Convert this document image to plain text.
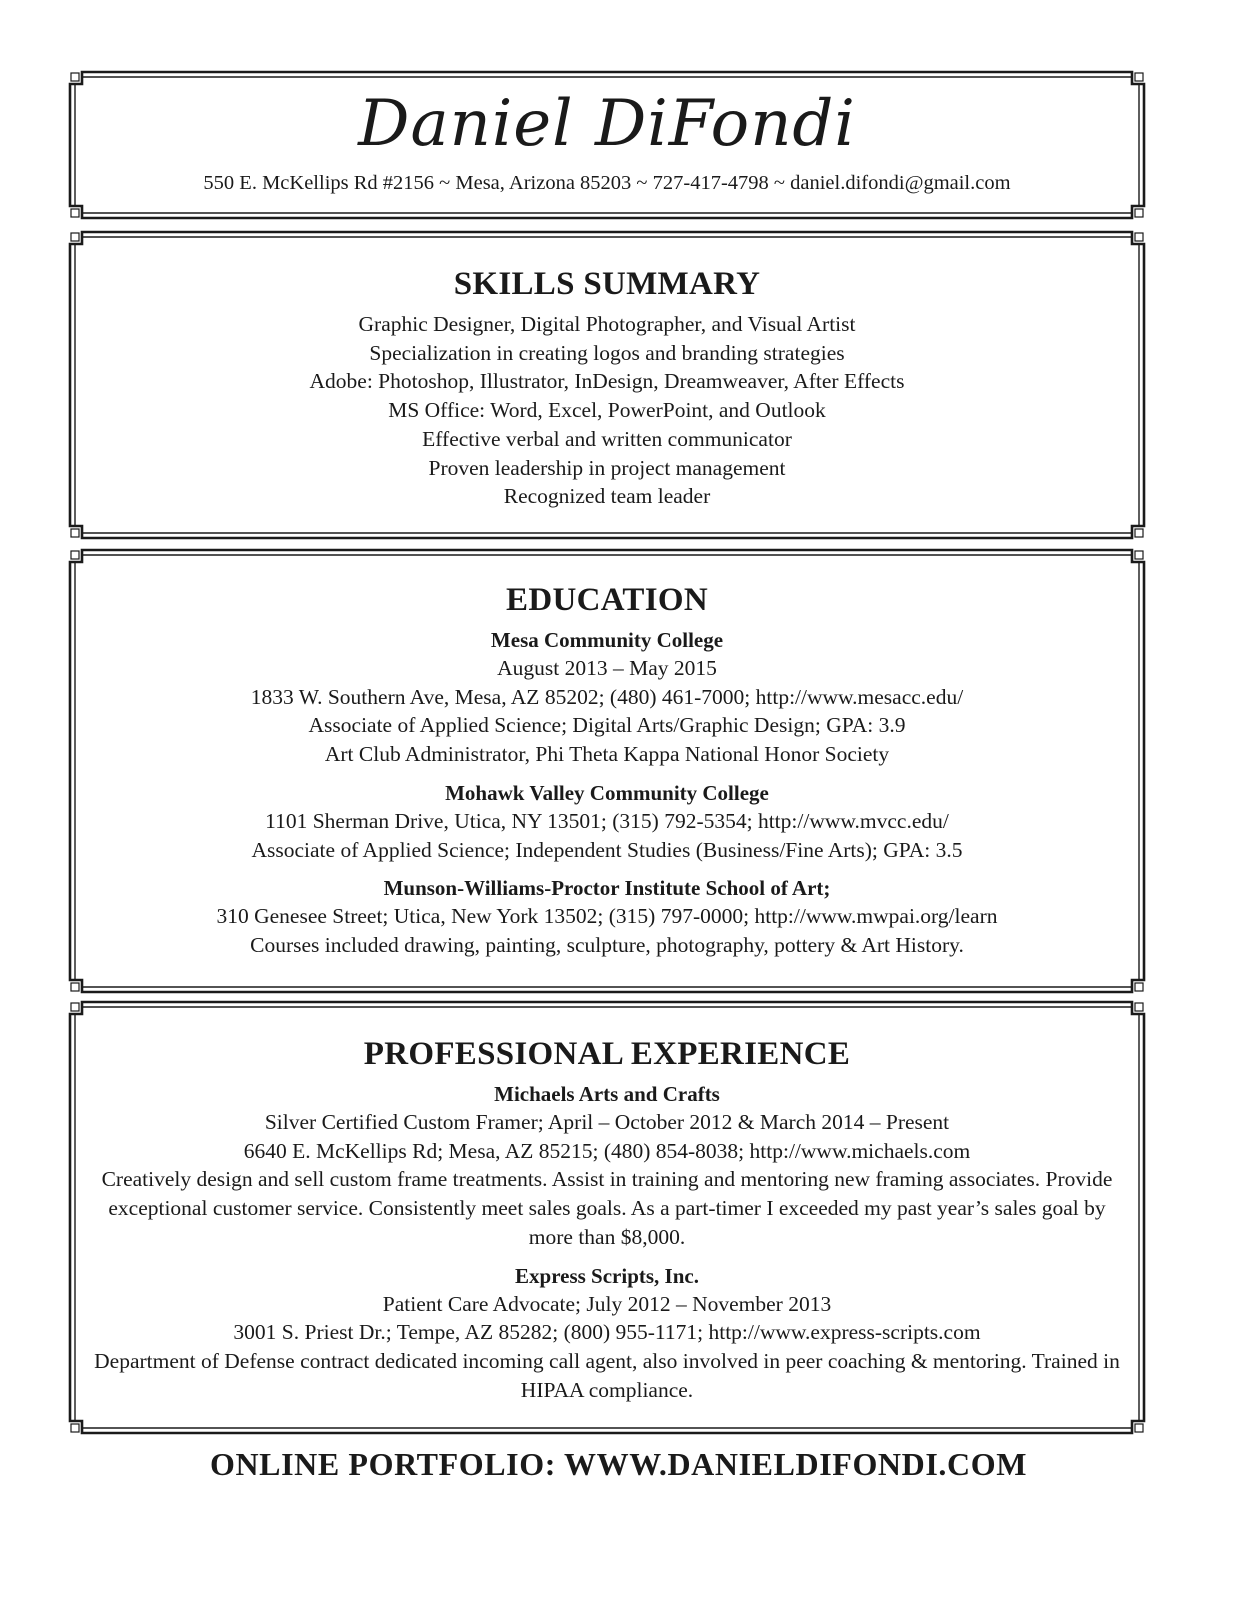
Daniel DiFondi
550 E. McKellips Rd #2156 ~ Mesa, Arizona 85203 ~ 727-417-4798 ~ daniel.difondi@gmail.com
SKILLS SUMMARY
Graphic Designer, Digital Photographer, and Visual Artist
Specialization in creating logos and branding strategies
Adobe: Photoshop, Illustrator, InDesign, Dreamweaver, After Effects
MS Office: Word, Excel, PowerPoint, and Outlook
Effective verbal and written communicator
Proven leadership in project management
Recognized team leader
EDUCATION
Mesa Community College
August 2013 – May 2015
1833 W. Southern Ave, Mesa, AZ 85202; (480) 461-7000; http://www.mesacc.edu/
Associate of Applied Science; Digital Arts/Graphic Design; GPA: 3.9
Art Club Administrator, Phi Theta Kappa National Honor Society
Mohawk Valley Community College
1101 Sherman Drive, Utica, NY 13501; (315) 792-5354; http://www.mvcc.edu/
Associate of Applied Science; Independent Studies (Business/Fine Arts); GPA: 3.5
Munson-Williams-Proctor Institute School of Art;
310 Genesee Street; Utica, New York 13502; (315) 797-0000; http://www.mwpai.org/learn
Courses included drawing, painting, sculpture, photography, pottery & Art History.
PROFESSIONAL EXPERIENCE
Michaels Arts and Crafts
Silver Certified Custom Framer; April – October 2012 & March 2014 – Present
6640 E. McKellips Rd; Mesa, AZ 85215; (480) 854-8038; http://www.michaels.com
Creatively design and sell custom frame treatments. Assist in training and mentoring new framing associates. Provide exceptional customer service. Consistently meet sales goals. As a part-timer I exceeded my past year’s sales goal by more than $8,000.
Express Scripts, Inc.
Patient Care Advocate; July 2012 – November 2013
3001 S. Priest Dr.; Tempe, AZ 85282; (800) 955-1171; http://www.express-scripts.com
Department of Defense contract dedicated incoming call agent, also involved in peer coaching & mentoring. Trained in HIPAA compliance.
ONLINE PORTFOLIO: WWW.DANIELDIFONDI.COM
